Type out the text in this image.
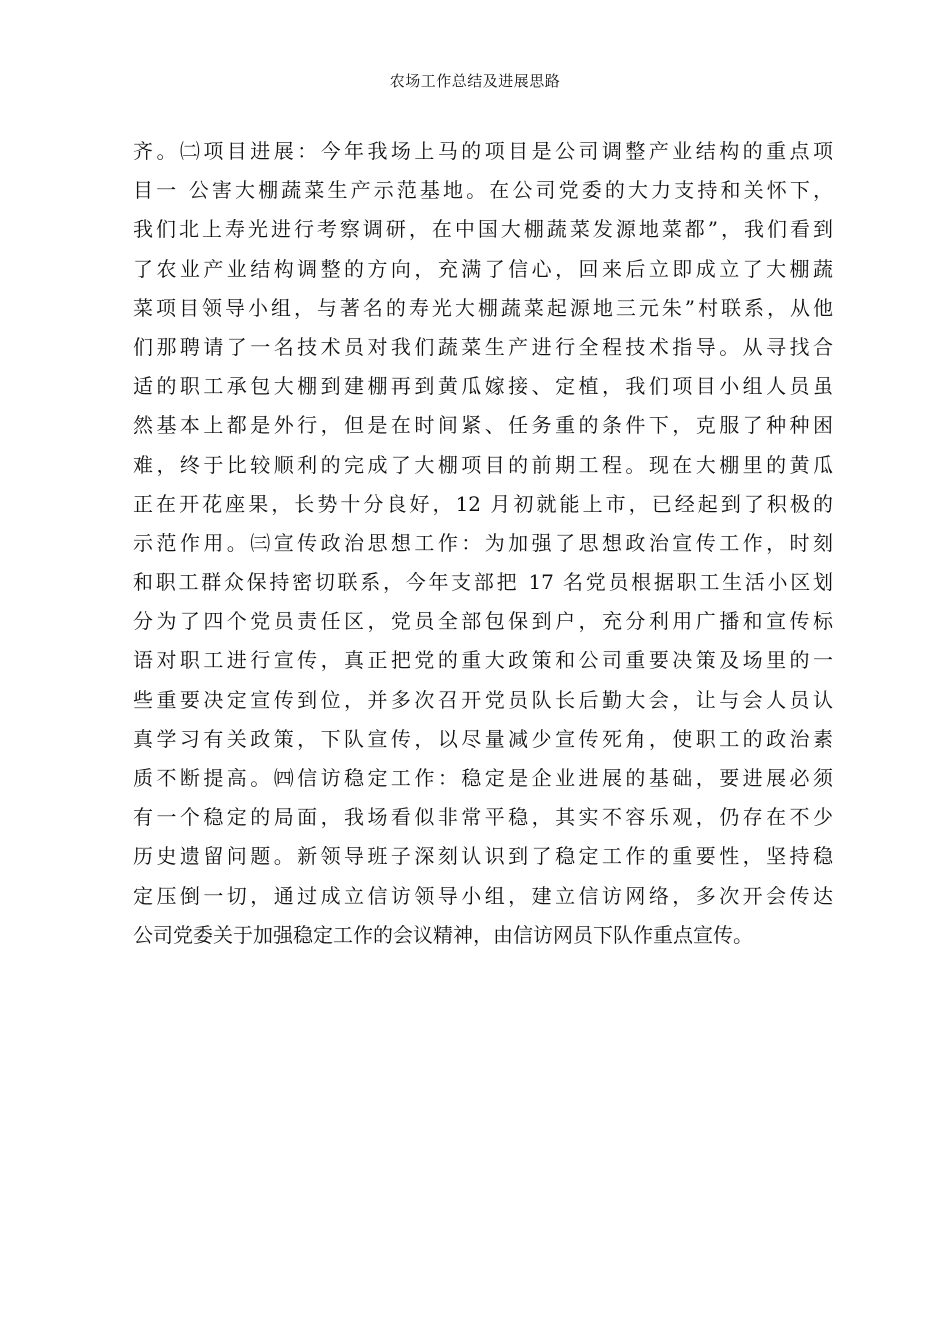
农场工作总结及进展思路
齐。㈡项目进展：今年我场上马的项目是公司调整产业结构的重点项
目一 公害大棚蔬菜生产示范基地。在公司党委的大力支持和关怀下，
我们北上寿光进行考察调研，在中国大棚蔬菜发源地菜都”，我们看到
了农业产业结构调整的方向，充满了信心，回来后立即成立了大棚蔬
菜项目领导小组，与著名的寿光大棚蔬菜起源地三元朱”村联系，从他
们那聘请了一名技术员对我们蔬菜生产进行全程技术指导。从寻找合
适的职工承包大棚到建棚再到黄瓜嫁接、定植，我们项目小组人员虽
然基本上都是外行，但是在时间紧、任务重的条件下，克服了种种困
难，终于比较顺利的完成了大棚项目的前期工程。现在大棚里的黄瓜
正在开花座果，长势十分良好，12 月初就能上市，已经起到了积极的
示范作用。㈢宣传政治思想工作：为加强了思想政治宣传工作，时刻
和职工群众保持密切联系，今年支部把 17 名党员根据职工生活小区划
分为了四个党员责任区，党员全部包保到户，充分利用广播和宣传标
语对职工进行宣传，真正把党的重大政策和公司重要决策及场里的一
些重要决定宣传到位，并多次召开党员队长后勤大会，让与会人员认
真学习有关政策，下队宣传，以尽量减少宣传死角，使职工的政治素
质不断提高。㈣信访稳定工作：稳定是企业进展的基础，要进展必须
有一个稳定的局面，我场看似非常平稳，其实不容乐观，仍存在不少
历史遗留问题。新领导班子深刻认识到了稳定工作的重要性，坚持稳
定压倒一切，通过成立信访领导小组，建立信访网络，多次开会传达
公司党委关于加强稳定工作的会议精神，由信访网员下队作重点宣传。
